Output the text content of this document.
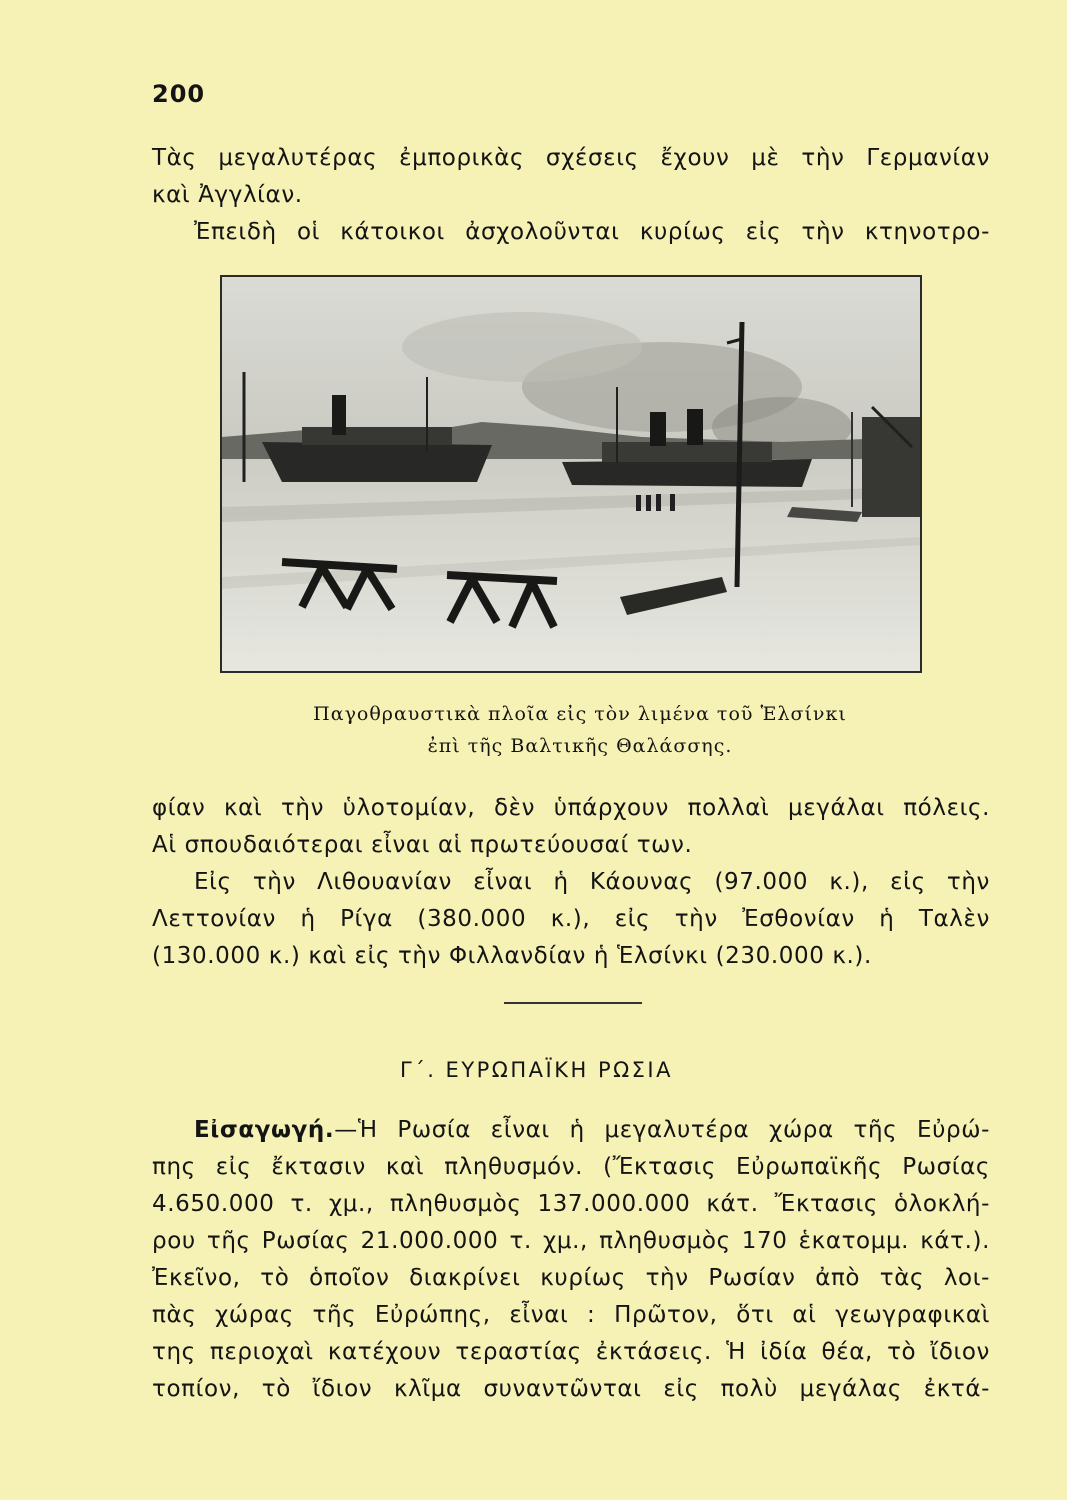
200
Τὰς μεγαλυτέρας ἐμπορικὰς σχέσεις ἔχουν μὲ τὴν Γερμανίαν
καὶ Ἀγγλίαν.
Ἐπειδὴ οἱ κάτοικοι ἀσχολοῦνται κυρίως εἰς τὴν κτηνοτρο-
Παγοθραυστικὰ πλοῖα εἰς τὸν λιμένα τοῦ Ἑλσίνκι
ἐπὶ τῆς Βαλτικῆς Θαλάσσης.
φίαν καὶ τὴν ὑλοτομίαν, δὲν ὑπάρχουν πολλαὶ μεγάλαι πόλεις.
Αἱ σπουδαιότεραι εἶναι αἱ πρωτεύουσαί των.
Εἰς τὴν Λιθουανίαν εἶναι ἡ Κάουνας (97.000 κ.), εἰς τὴν
Λεττονίαν ἡ Ρίγα (380.000 κ.), εἰς τὴν Ἐσθονίαν ἡ Ταλὲν
(130.000 κ.) καὶ εἰς τὴν Φιλλανδίαν ἡ Ἑλσίνκι (230.000 κ.).
Γ΄. ΕΥΡΩΠΑΪΚΗ ΡΩΣΙΑ
Εἰσαγωγή.—Ἡ Ρωσία εἶναι ἡ μεγαλυτέρα χώρα τῆς Εὐρώ-
πης εἰς ἔκτασιν καὶ πληθυσμόν. (Ἔκτασις Εὐρωπαϊκῆς Ρωσίας
4.650.000 τ. χμ., πληθυσμὸς 137.000.000 κάτ. Ἔκτασις ὁλοκλή-
ρου τῆς Ρωσίας 21.000.000 τ. χμ., πληθυσμὸς 170 ἑκατομμ. κάτ.).
Ἐκεῖνο, τὸ ὁποῖον διακρίνει κυρίως τὴν Ρωσίαν ἀπὸ τὰς λοι-
πὰς χώρας τῆς Εὐρώπης, εἶναι : Πρῶτον, ὅτι αἱ γεωγραφικαὶ
της περιοχαὶ κατέχουν τεραστίας ἐκτάσεις. Ἡ ἰδία θέα, τὸ ἴδιον
τοπίον, τὸ ἴδιον κλῖμα συναντῶνται εἰς πολὺ μεγάλας ἐκτά-
